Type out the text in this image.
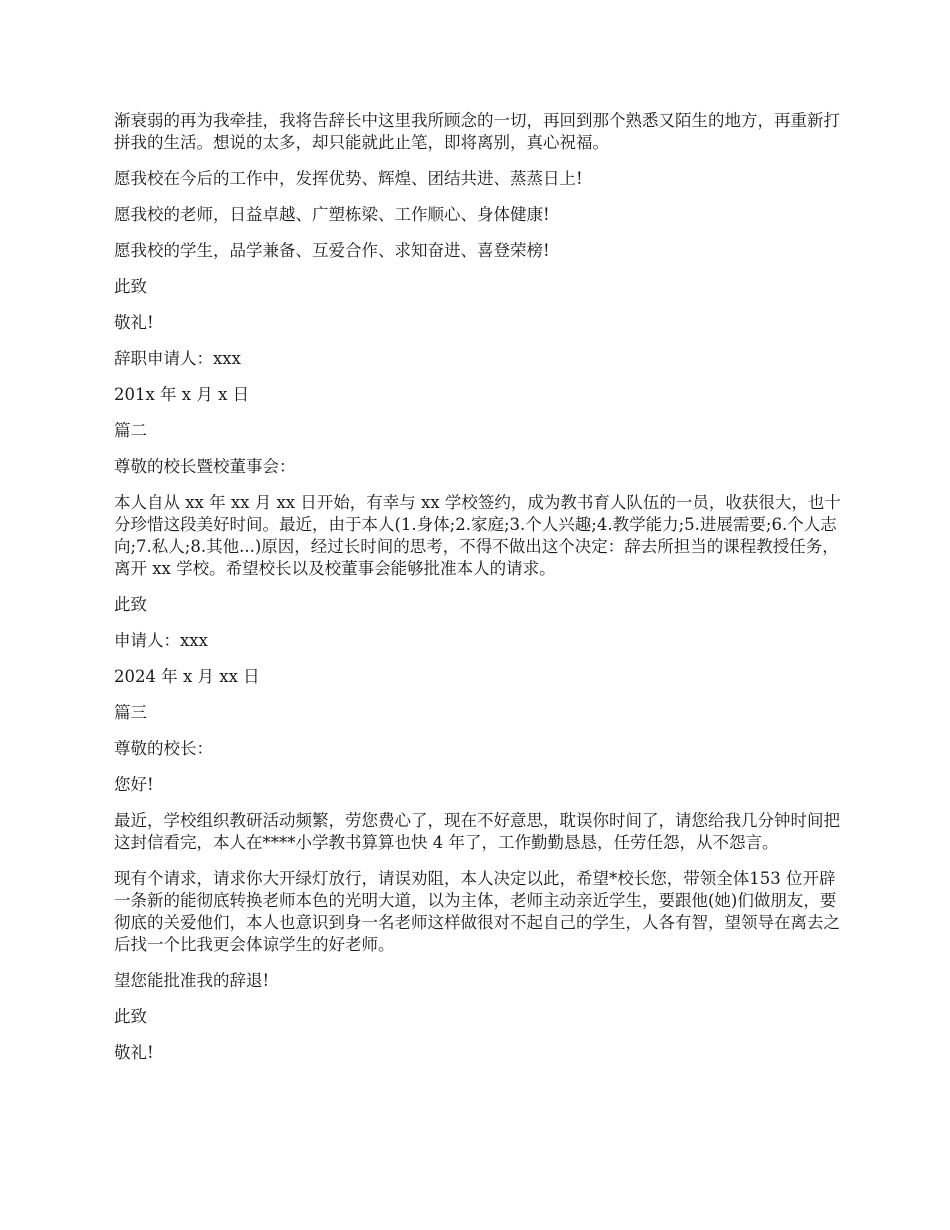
渐衰弱的再为我牵挂，我将告辞长中这里我所顾念的一切，再回到那个熟悉又陌生的地方，再重新打拼我的生活。想说的太多，却只能就此止笔，即将离别，真心祝福。

愿我校在今后的工作中，发挥优势、辉煌、团结共进、蒸蒸日上!

愿我校的老师，日益卓越、广塑栋梁、工作顺心、身体健康!

愿我校的学生，品学兼备、互爱合作、求知奋进、喜登荣榜!

此致

敬礼!

辞职申请人：xxx

201x 年 x 月 x 日

篇二

尊敬的校长暨校董事会：

本人自从 xx 年 xx 月 xx 日开始，有幸与 xx 学校签约，成为教书育人队伍的一员，收获很大，也十分珍惜这段美好时间。最近，由于本人(1.身体;2.家庭;3.个人兴趣;4.教学能力;5.进展需要;6.个人志向;7.私人;8.其他...)原因，经过长时间的思考，不得不做出这个决定：辞去所担当的课程教授任务，离开 xx 学校。希望校长以及校董事会能够批准本人的请求。

此致

申请人：xxx

2024 年 x 月 xx 日

篇三

尊敬的校长：

您好!

最近，学校组织教研活动频繁，劳您费心了，现在不好意思，耽误你时间了，请您给我几分钟时间把这封信看完，本人在****小学教书算算也快 4 年了，工作勤勤恳恳，任劳任怨，从不怨言。

现有个请求，请求你大开绿灯放行，请误劝阻，本人决定以此，希望*校长您，带领全体153 位开辟一条新的能彻底转换老师本色的光明大道，以为主体，老师主动亲近学生，要跟他(她)们做朋友，要彻底的关爱他们，本人也意识到身一名老师这样做很对不起自己的学生，人各有智，望领导在离去之后找一个比我更会体谅学生的好老师。

望您能批准我的辞退!

此致

敬礼!
